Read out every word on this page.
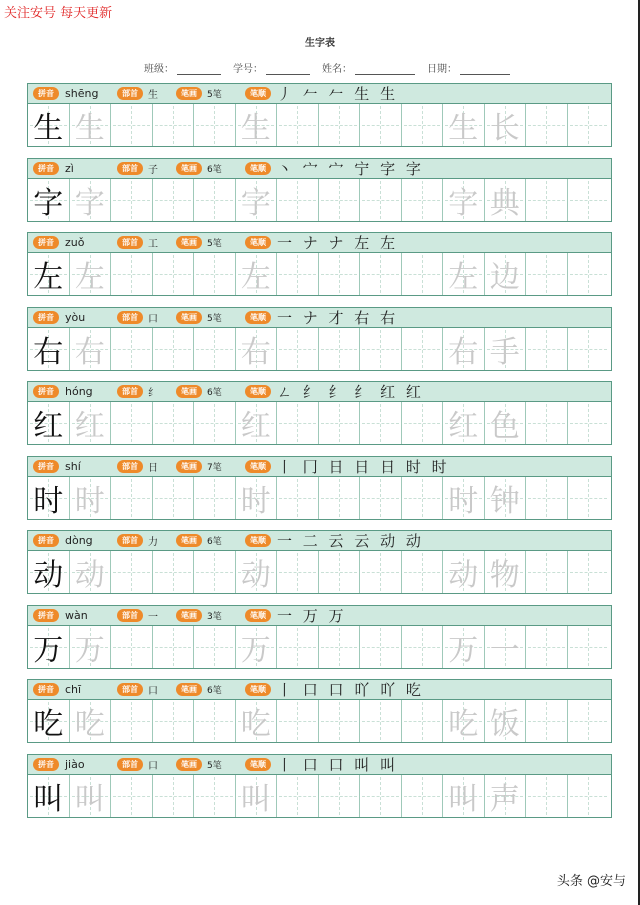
关注安号 每天更新
生字表
班级：	学号：	姓名：	日期：
拼音	shēng	部首	生	笔画	5笔	笔顺 丿 𠂉 𠂉 生 生
生 生	生	生 长
拼音	zì	部首	子	笔画	6笔	笔顺 丶 宀 宀 宁 字 字
字 字	字	字 典
拼音	zuǒ	部首	工	笔画	5笔	笔顺 一 ナ ナ 左 左
左 左	左	左 边
拼音	yòu	部首	口	笔画	5笔	笔顺 一 ナ 才 右 右
右 右	右	右 手
拼音	hóng	部首	纟	笔画	6笔	笔顺 ㄥ 纟 纟 纟 红 红
红 红	红	红 色
拼音	shí	部首	日	笔画	7笔	笔顺 丨 冂 日 日 日 时 时
时 时	时	时 钟
拼音	dòng	部首	力	笔画	6笔	笔顺 一 二 云 云 动 动
动 动	动	动 物
拼音	wàn	部首	一	笔画	3笔	笔顺 一 万 万
万 万	万	万 一
拼音	chī	部首	口	笔画	6笔	笔顺 丨 口 口 吖 吖 吃
吃 吃	吃	吃 饭
拼音	jiào	部首	口	笔画	5笔	笔顺 丨 口 口 叫 叫
叫 叫	叫	叫 声
头条 @安与
